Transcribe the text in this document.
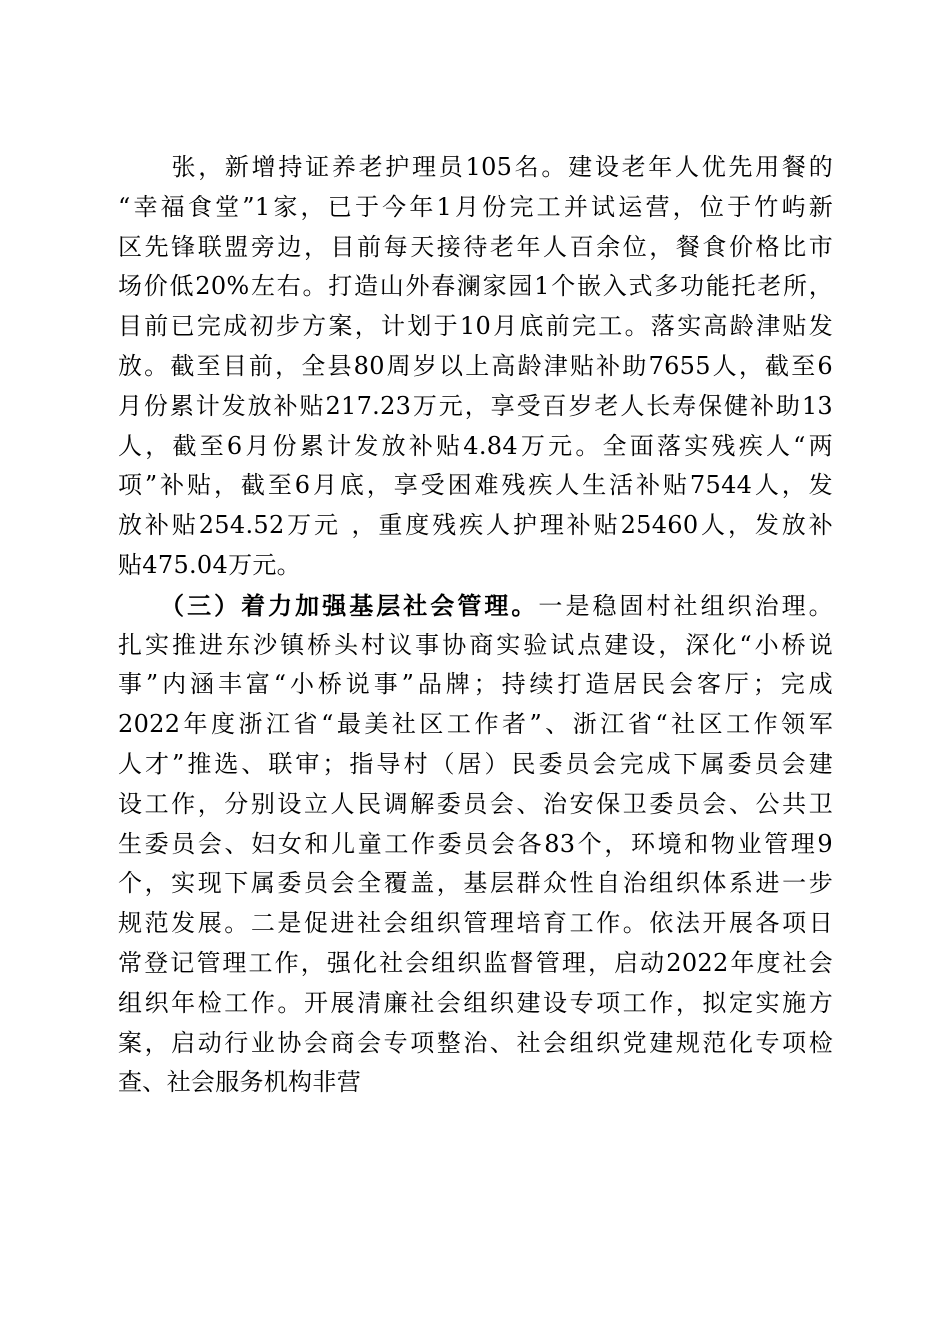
　　张，新增持证养老护理员105名。建设老年人优先用餐的
“幸福食堂”1家，已于今年1月份完工并试运营，位于竹屿新
区先锋联盟旁边，目前每天接待老年人百余位，餐食价格比市
场价低20%左右。打造山外春澜家园1个嵌入式多功能托老所，
目前已完成初步方案，计划于10月底前完工。落实高龄津贴发
放。截至目前，全县80周岁以上高龄津贴补助7655人，截至6
月份累计发放补贴217.23万元，享受百岁老人长寿保健补助13
人，截至6月份累计发放补贴4.84万元。全面落实残疾人“两
项”补贴，截至6月底，享受困难残疾人生活补贴7544人，发
放补贴254.52万元 ，重度残疾人护理补贴25460人，发放补
贴475.04万元。
　　（三）着力加强基层社会管理。一是稳固村社组织治理。
扎实推进东沙镇桥头村议事协商实验试点建设，深化“小桥说
事”内涵丰富“小桥说事”品牌；持续打造居民会客厅；完成
2022年度浙江省“最美社区工作者”、浙江省“社区工作领军
人才”推选、联审；指导村（居）民委员会完成下属委员会建
设工作，分别设立人民调解委员会、治安保卫委员会、公共卫
生委员会、妇女和儿童工作委员会各83个，环境和物业管理9
个，实现下属委员会全覆盖，基层群众性自治组织体系进一步
规范发展。二是促进社会组织管理培育工作。依法开展各项日
常登记管理工作，强化社会组织监督管理，启动2022年度社会
组织年检工作。开展清廉社会组织建设专项工作，拟定实施方
案，启动行业协会商会专项整治、社会组织党建规范化专项检
查、社会服务机构非营
